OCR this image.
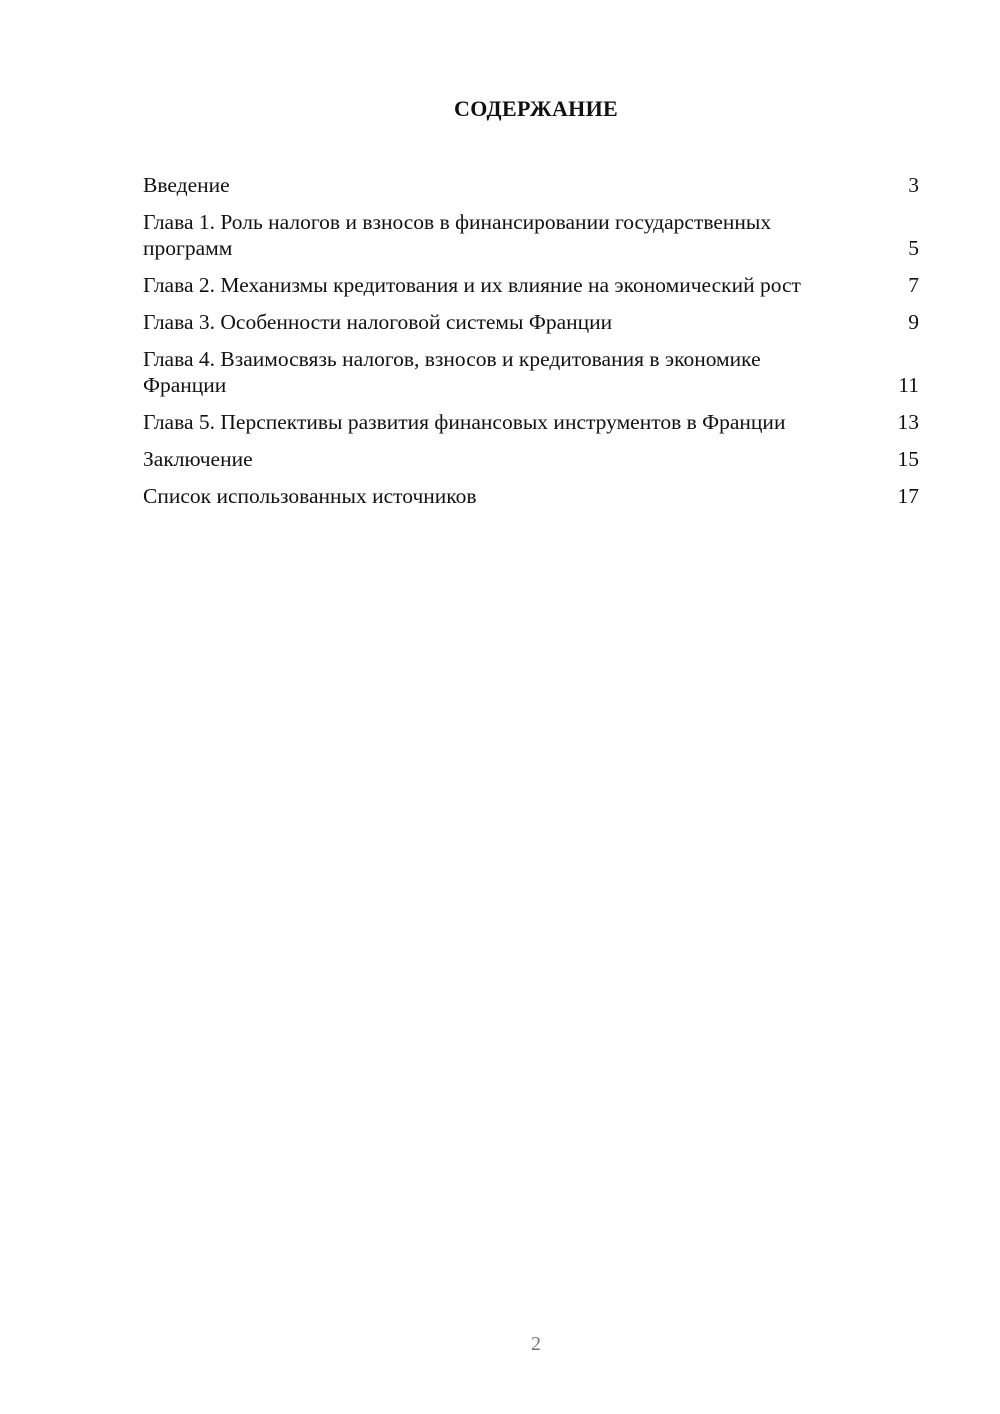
СОДЕРЖАНИЕ
Введение	3
Глава 1. Роль налогов и взносов в финансировании государственных программ	5
Глава 2. Механизмы кредитования и их влияние на экономический рост	7
Глава 3. Особенности налоговой системы Франции	9
Глава 4. Взаимосвязь налогов, взносов и кредитования в экономике Франции	11
Глава 5. Перспективы развития финансовых инструментов в Франции	13
Заключение	15
Список использованных источников	17
2
